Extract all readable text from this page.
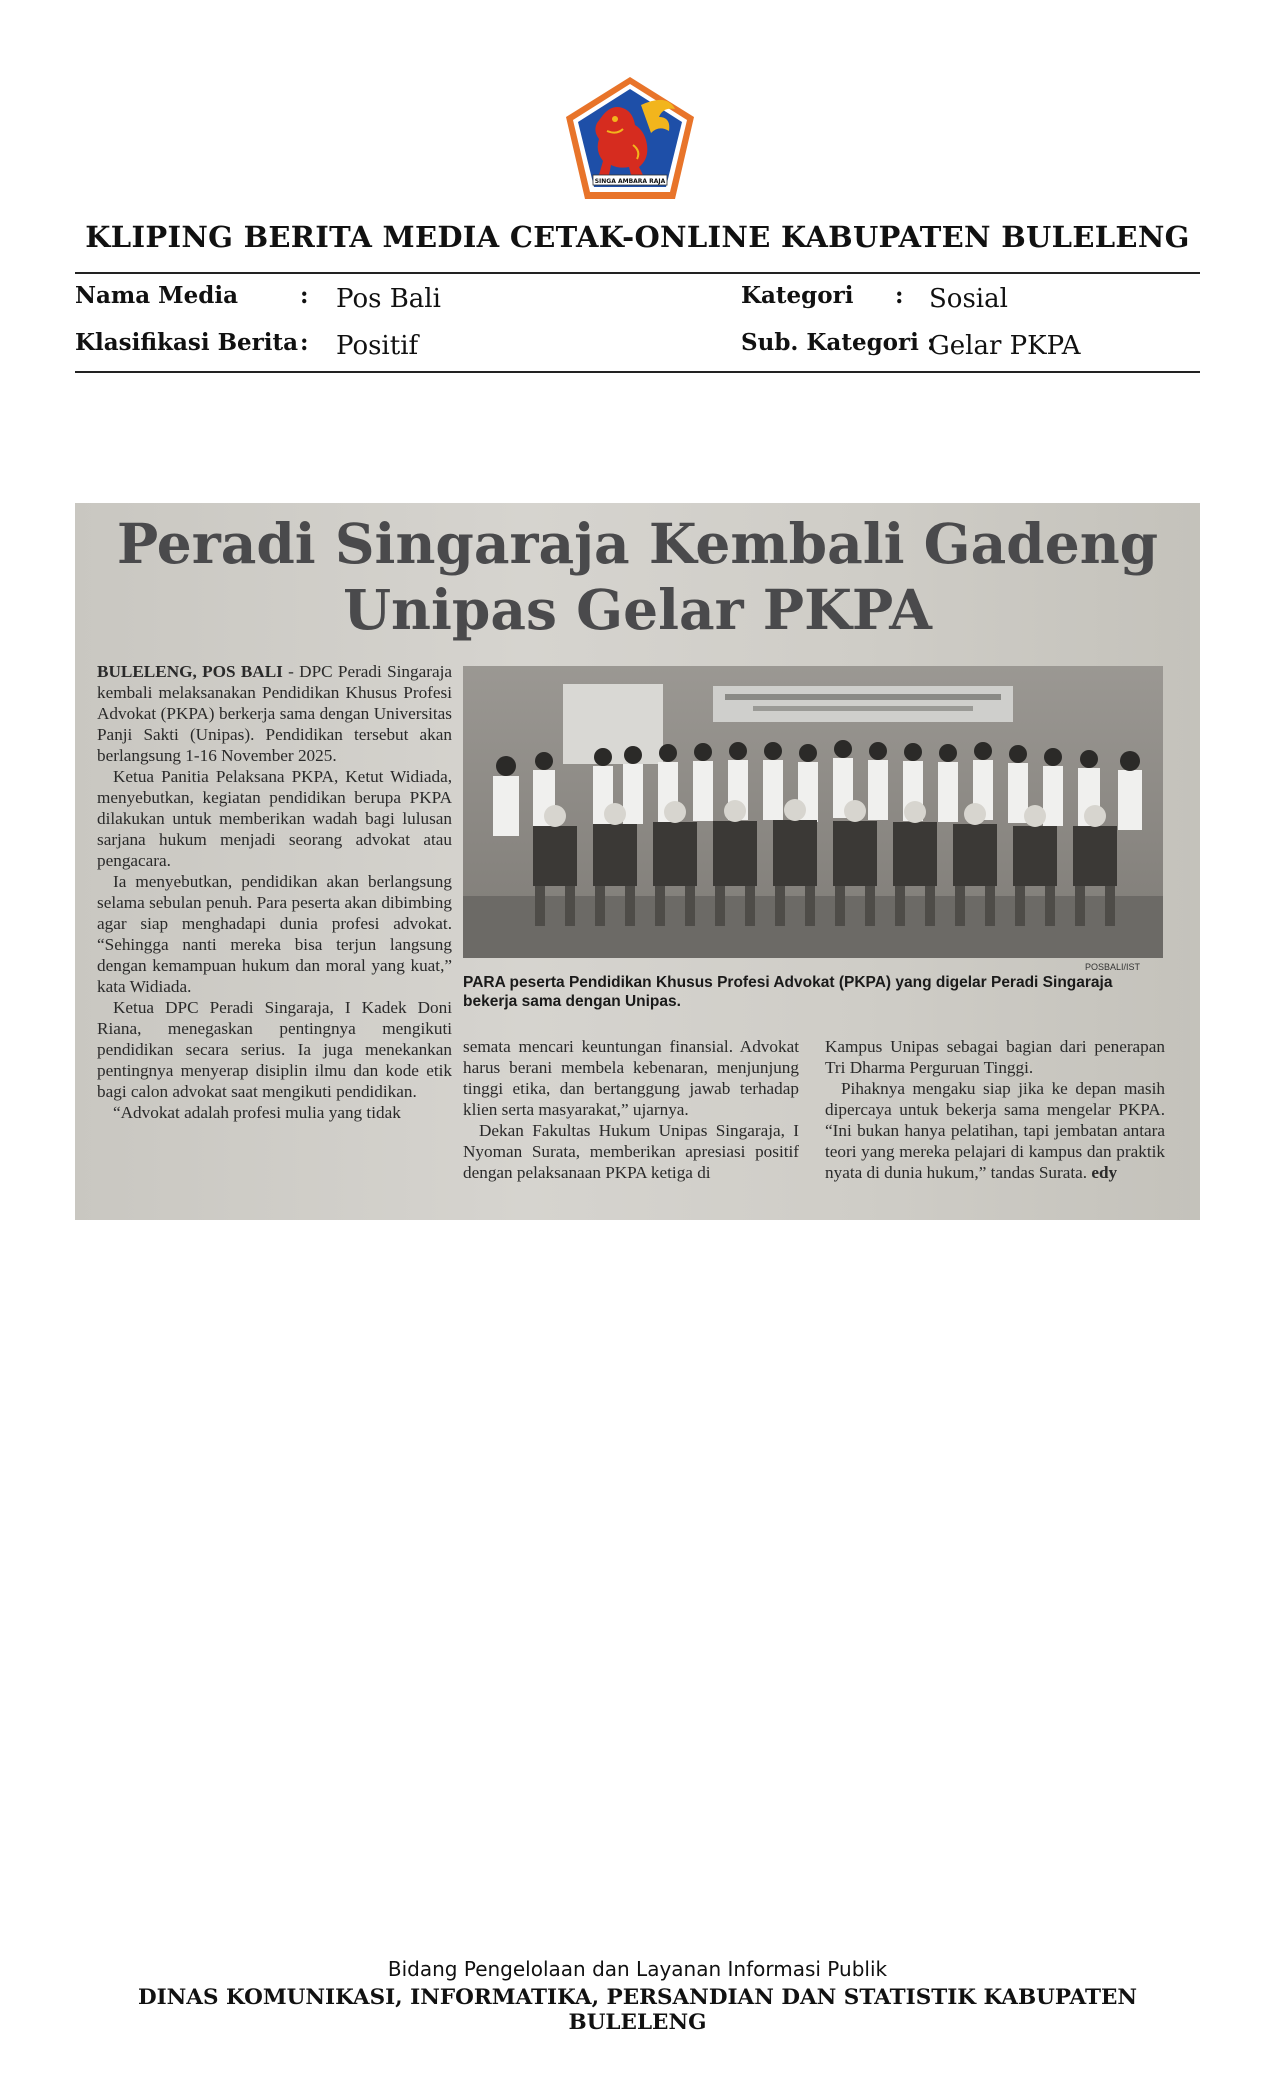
SINGA AMBARA RAJA
KLIPING BERITA MEDIA CETAK-ONLINE KABUPATEN BULELENG
Nama Media	: Pos Bali
Klasifikasi Berita : Positif
Kategori : Sosial
Sub. Kategori :
Gelar PKPA
Peradi Singaraja Kembali Gadeng
Unipas Gelar PKPA

BULELENG, POS BALI - DPC Peradi Singaraja kembali melaksanakan Pendidikan Khusus Profesi Advokat (PKPA) berkerja sama dengan Universitas Panji Sakti (Unipas). Pendidikan tersebut akan berlangsung 1-16 November 2025.

Ketua Panitia Pelaksana PKPA, Ketut Widiada, menyebutkan, kegiatan pendidikan berupa PKPA dilakukan untuk memberikan wadah bagi lulusan sarjana hukum menjadi seorang advokat atau pengacara.

Ia menyebutkan, pendidikan akan berlangsung selama sebulan penuh. Para peserta akan dibimbing agar siap menghadapi dunia profesi advokat. “Sehingga nanti mereka bisa terjun langsung dengan kemampuan hukum dan moral yang kuat,” kata Widiada.

Ketua DPC Peradi Singaraja, I Kadek Doni Riana, menegaskan pentingnya mengikuti pendidikan secara serius. Ia juga menekankan pentingnya menyerap disiplin ilmu dan kode etik bagi calon advokat saat mengikuti pendidikan.

“Advokat adalah profesi mulia yang tidak

POSBALI/IST
PARA peserta Pendidikan Khusus Profesi Advokat (PKPA) yang digelar Peradi Singaraja bekerja sama dengan Unipas.

semata mencari keuntungan finansial. Advokat harus berani membela kebenaran, menjunjung tinggi etika, dan bertanggung jawab terhadap klien serta masyarakat,” ujarnya.

Dekan Fakultas Hukum Unipas Singaraja, I Nyoman Surata, memberikan apresiasi positif dengan pelaksanaan PKPA ketiga di

Kampus Unipas sebagai bagian dari penerapan Tri Dharma Perguruan Tinggi.

Pihaknya mengaku siap jika ke depan masih dipercaya untuk bekerja sama mengelar PKPA. “Ini bukan hanya pelatihan, tapi jembatan antara teori yang mereka pelajari di kampus dan praktik nyata di dunia hukum,” tandas Surata. edy

Bidang Pengelolaan dan Layanan Informasi Publik
DINAS KOMUNIKASI, INFORMATIKA, PERSANDIAN DAN STATISTIK KABUPATEN BULELENG
